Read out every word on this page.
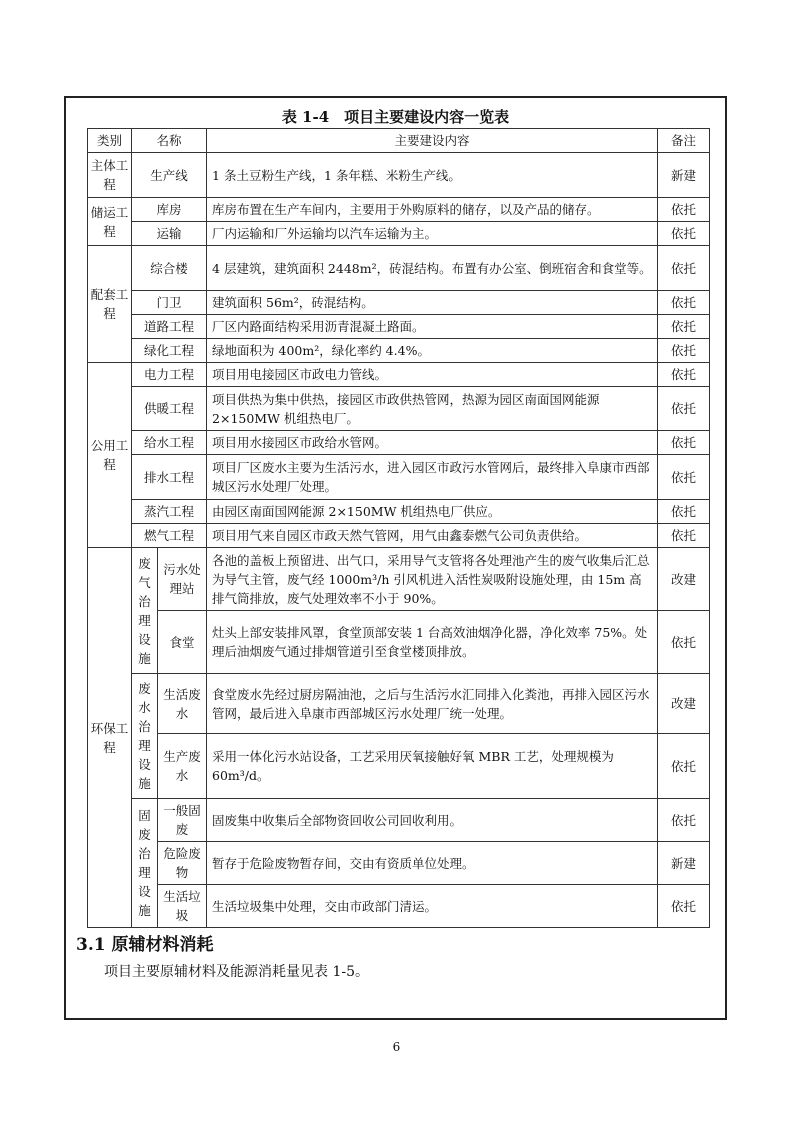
表 1-4　项目主要建设内容一览表
类别	名称		主要建设内容	备注
主体工程	生产线		1 条土豆粉生产线，1 条年糕、米粉生产线。	新建
储运工程	库房		库房布置在生产车间内，主要用于外购原料的储存，以及产品的储存。	依托
	运输		厂内运输和厂外运输均以汽车运输为主。	依托
配套工程	综合楼		4 层建筑，建筑面积 2448m²，砖混结构。布置有办公室、倒班宿舍和食堂等。	依托
	门卫		建筑面积 56m²，砖混结构。	依托
	道路工程		厂区内路面结构采用沥青混凝土路面。	依托
	绿化工程		绿地面积为 400m²，绿化率约 4.4%。	依托
公用工程	电力工程		项目用电接园区市政电力管线。	依托
	供暖工程		项目供热为集中供热，接园区市政供热管网，热源为园区南面国网能源 2×150MW 机组热电厂。	依托
	给水工程		项目用水接园区市政给水管网。	依托
	排水工程		项目厂区废水主要为生活污水，进入园区市政污水管网后，最终排入阜康市西部城区污水处理厂处理。	依托
	蒸汽工程		由园区南面国网能源 2×150MW 机组热电厂供应。	依托
	燃气工程		项目用气来自园区市政天然气管网，用气由鑫泰燃气公司负责供给。	依托
环保工程	废气治理设施	污水处理站	各池的盖板上预留进、出气口，采用导气支管将各处理池产生的废气收集后汇总为导气主管，废气经 1000m³/h 引风机进入活性炭吸附设施处理，由 15m 高排气筒排放，废气处理效率不小于 90%。	改建
		食堂	灶头上部安装排风罩，食堂顶部安装 1 台高效油烟净化器，净化效率 75%。处理后油烟废气通过排烟管道引至食堂楼顶排放。	依托
	废水治理设施	生活废水	食堂废水先经过厨房隔油池，之后与生活污水汇同排入化粪池，再排入园区污水管网，最后进入阜康市西部城区污水处理厂统一处理。	改建
		生产废水	采用一体化污水站设备，工艺采用厌氧接触好氧 MBR 工艺，处理规模为 60m³/d。	依托
	固废治理设施	一般固废	固废集中收集后全部物资回收公司回收利用。	依托
		危险废物	暂存于危险废物暂存间，交由有资质单位处理。	新建
		生活垃圾	生活垃圾集中处理，交由市政部门清运。	依托
3.1 原辅材料消耗
项目主要原辅材料及能源消耗量见表 1-5。
6
